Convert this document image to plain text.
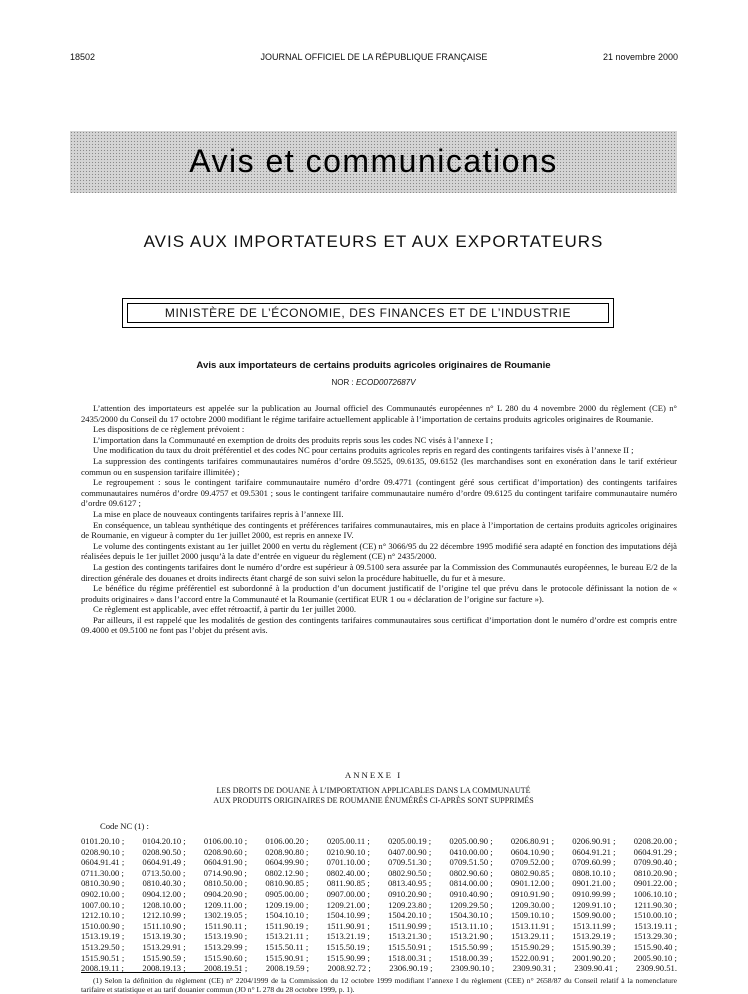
18502	JOURNAL OFFICIEL DE LA RÉPUBLIQUE FRANÇAISE	21 novembre 2000
Avis et communications
AVIS AUX IMPORTATEURS ET AUX EXPORTATEURS
MINISTÈRE DE L’ÉCONOMIE, DES FINANCES ET DE L’INDUSTRIE
Avis aux importateurs de certains produits agricoles originaires de Roumanie
NOR : ECOD0072687V

L’attention des importateurs est appelée sur la publication au Journal officiel des Communautés européennes n° L 280 du 4 novembre 2000 du règlement (CE) n° 2435/2000 du Conseil du 17 octobre 2000 modifiant le régime tarifaire actuellement applicable à l’importation de certains produits agricoles originaires de Roumanie.

Les dispositions de ce règlement prévoient :

L’importation dans la Communauté en exemption de droits des produits repris sous les codes NC visés à l’annexe I ;

Une modification du taux du droit préférentiel et des codes NC pour certains produits agricoles repris en regard des contingents tarifaires visés à l’annexe II ;

La suppression des contingents tarifaires communautaires numéros d’ordre 09.5525, 09.6135, 09.6152 (les marchandises sont en exonération dans le tarif extérieur commun ou en suspension tarifaire illimitée) ;

Le regroupement : sous le contingent tarifaire communautaire numéro d’ordre 09.4771 (contingent géré sous certificat d’importation) des contingents tarifaires communautaires numéros d’ordre 09.4757 et 09.5301 ; sous le contingent tarifaire communautaire numéro d’ordre 09.6125 du contingent tarifaire communautaire numéro d’ordre 09.6127 ;

La mise en place de nouveaux contingents tarifaires repris à l’annexe III.

En conséquence, un tableau synthétique des contingents et préférences tarifaires communautaires, mis en place à l’importation de certains produits agricoles originaires de Roumanie, en vigueur à compter du 1er juillet 2000, est repris en annexe IV.

Le volume des contingents existant au 1er juillet 2000 en vertu du règlement (CE) n° 3066/95 du 22 décembre 1995 modifié sera adapté en fonction des imputations déjà réalisées depuis le 1er juillet 2000 jusqu’à la date d’entrée en vigueur du règlement (CE) n° 2435/2000.

La gestion des contingents tarifaires dont le numéro d’ordre est supérieur à 09.5100 sera assurée par la Commission des Communautés européennes, le bureau E/2 de la direction générale des douanes et droits indirects étant chargé de son suivi selon la procédure habituelle, du fur et à mesure.

Le bénéfice du régime préférentiel est subordonné à la production d’un document justificatif de l’origine tel que prévu dans le protocole définissant la notion de « produits originaires » dans l’accord entre la Communauté et la Roumanie (certificat EUR 1 ou « déclaration de l’origine sur facture »).

Ce règlement est applicable, avec effet rétroactif, à partir du 1er juillet 2000.

Par ailleurs, il est rappelé que les modalités de gestion des contingents tarifaires communautaires sous certificat d’importation dont le numéro d’ordre est compris entre 09.4000 et 09.5100 ne font pas l’objet du présent avis.

ANNEXE I
LES DROITS DE DOUANE À L’IMPORTATION APPLICABLES DANS LA COMMUNAUTÉ
AUX PRODUITS ORIGINAIRES DE ROUMANIE ÉNUMÉRÉS CI-APRÈS SONT SUPPRIMÉS
Code NC (1) :
0101.20.10 ; 0104.20.10 ; 0106.00.10 ; 0106.00.20 ; 0205.00.11 ; 0205.00.19 ; 0205.00.90 ; 0206.80.91 ; 0206.90.91 ; 0208.20.00 ;
0208.90.10 ; 0208.90.50 ; 0208.90.60 ; 0208.90.80 ; 0210.90.10 ; 0407.00.90 ; 0410.00.00 ; 0604.10.90 ; 0604.91.21 ; 0604.91.29 ;
0604.91.41 ; 0604.91.49 ; 0604.91.90 ; 0604.99.90 ; 0701.10.00 ; 0709.51.30 ; 0709.51.50 ; 0709.52.00 ; 0709.60.99 ; 0709.90.40 ;
0711.30.00 ; 0713.50.00 ; 0714.90.90 ; 0802.12.90 ; 0802.40.00 ; 0802.90.50 ; 0802.90.60 ; 0802.90.85 ; 0808.10.10 ; 0810.20.90 ;
0810.30.90 ; 0810.40.30 ; 0810.50.00 ; 0810.90.85 ; 0811.90.85 ; 0813.40.95 ; 0814.00.00 ; 0901.12.00 ; 0901.21.00 ; 0901.22.00 ;
0902.10.00 ; 0904.12.00 ; 0904.20.90 ; 0905.00.00 ; 0907.00.00 ; 0910.20.90 ; 0910.40.90 ; 0910.91.90 ; 0910.99.99 ; 1006.10.10 ;
1007.00.10 ; 1208.10.00 ; 1209.11.00 ; 1209.19.00 ; 1209.21.00 ; 1209.23.80 ; 1209.29.50 ; 1209.30.00 ; 1209.91.10 ; 1211.90.30 ;
1212.10.10 ; 1212.10.99 ; 1302.19.05 ; 1504.10.10 ; 1504.10.99 ; 1504.20.10 ; 1504.30.10 ; 1509.10.10 ; 1509.90.00 ; 1510.00.10 ;
1510.00.90 ; 1511.10.90 ; 1511.90.11 ; 1511.90.19 ; 1511.90.91 ; 1511.90.99 ; 1513.11.10 ; 1513.11.91 ; 1513.11.99 ; 1513.19.11 ;
1513.19.19 ; 1513.19.30 ; 1513.19.90 ; 1513.21.11 ; 1513.21.19 ; 1513.21.30 ; 1513.21.90 ; 1513.29.11 ; 1513.29.19 ; 1513.29.30 ;
1513.29.50 ; 1513.29.91 ; 1513.29.99 ; 1515.50.11 ; 1515.50.19 ; 1515.50.91 ; 1515.50.99 ; 1515.90.29 ; 1515.90.39 ; 1515.90.40 ;
1515.90.51 ; 1515.90.59 ; 1515.90.60 ; 1515.90.91 ; 1515.90.99 ; 1518.00.31 ; 1518.00.39 ; 1522.00.91 ; 2001.90.20 ; 2005.90.10 ;
2008.19.11 ; 2008.19.13 ; 2008.19.51 ; 2008.19.59 ; 2008.92.72 ; 2306.90.19 ; 2309.90.10 ; 2309.90.31 ; 2309.90.41 ; 2309.90.51.

(1) Selon la définition du règlement (CE) n° 2204/1999 de la Commission du 12 octobre 1999 modifiant l’annexe I du règlement (CEE) n° 2658/87 du Conseil relatif à la nomenclature tarifaire et statistique et au tarif douanier commun (JO n° L 278 du 28 octobre 1999, p. 1).
